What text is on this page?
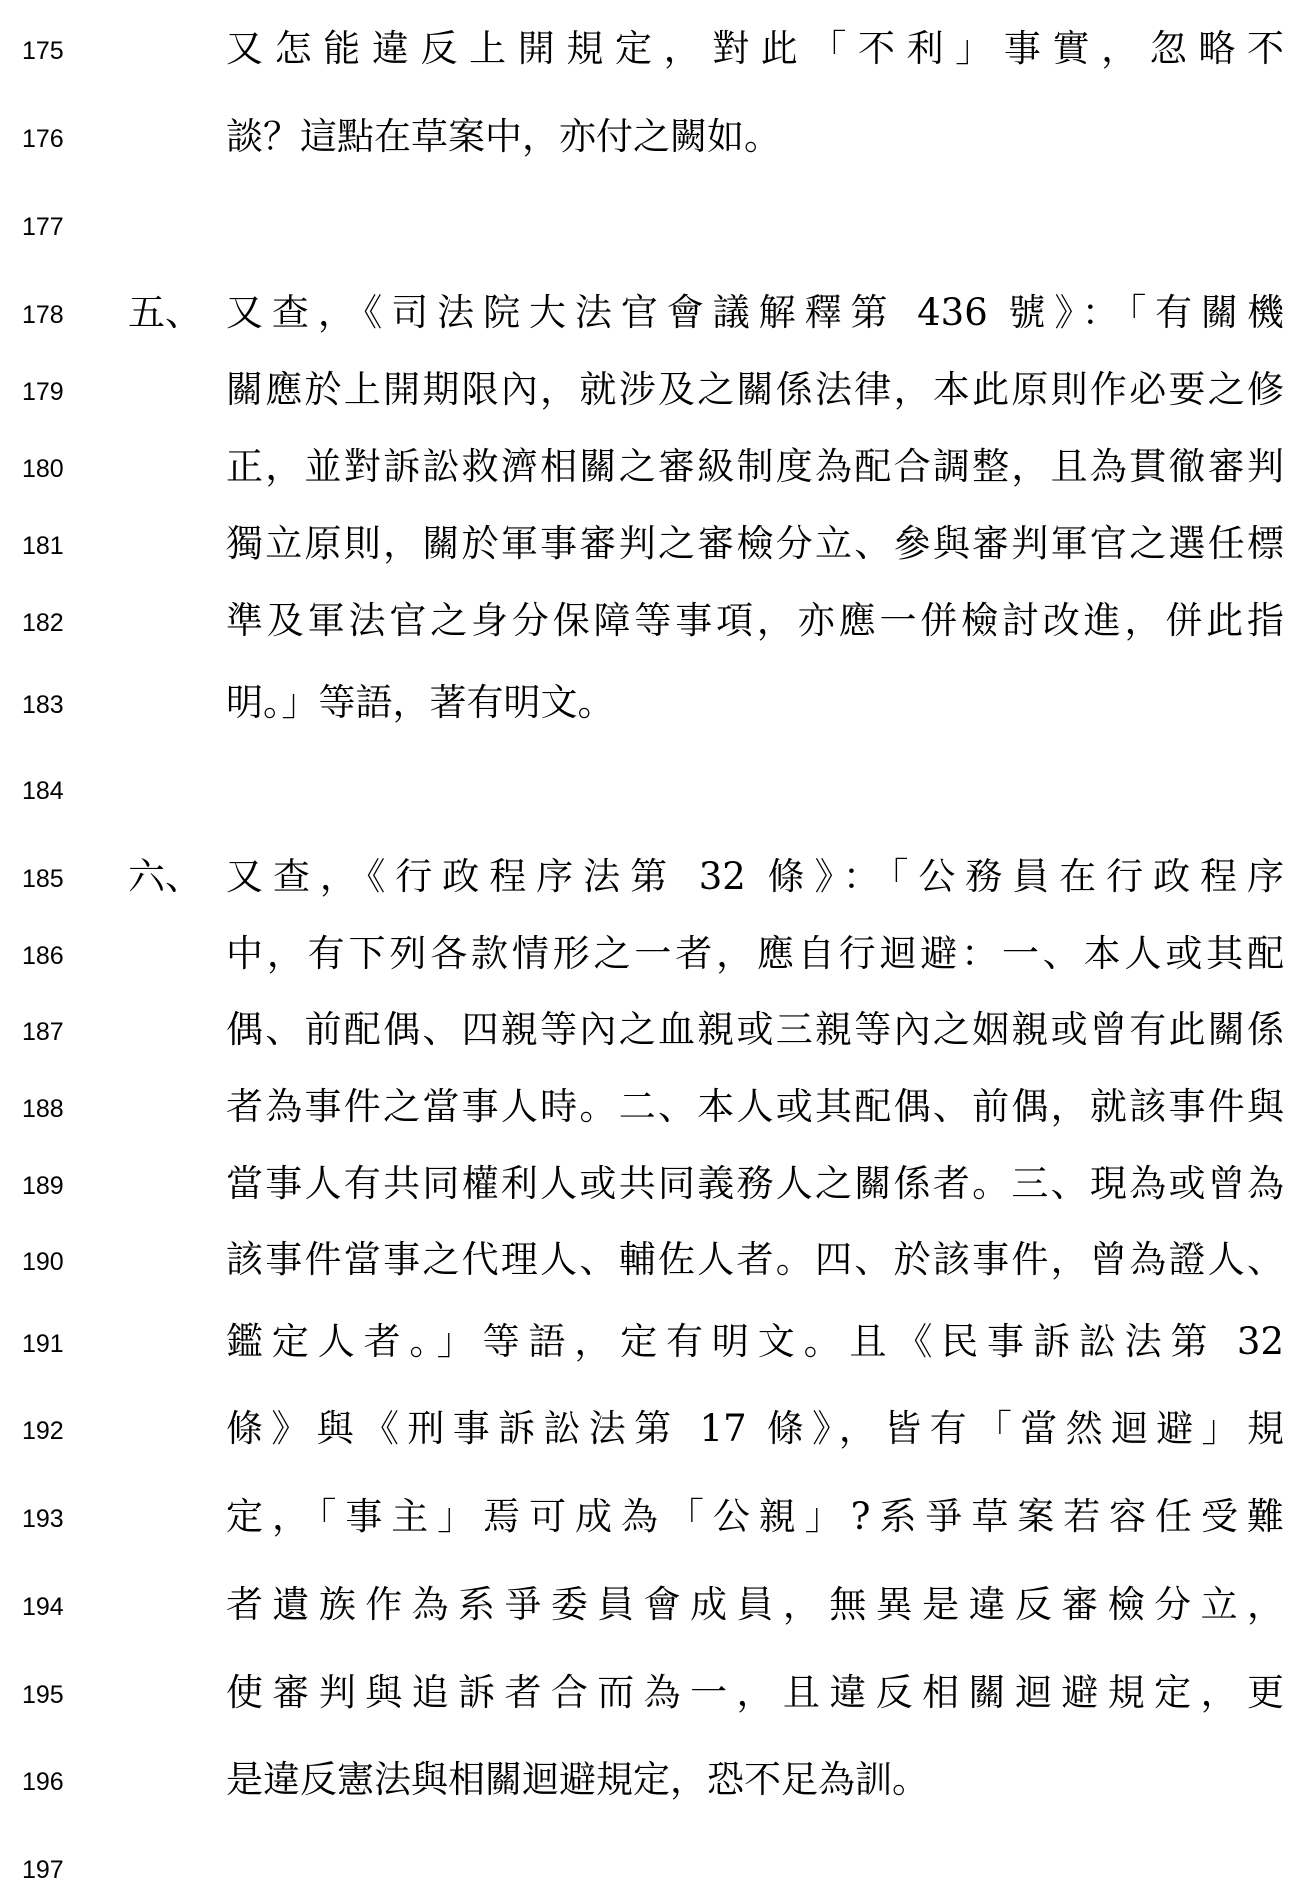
175	又怎能違反上開規定，對此「不利」事實，忽略不
176	談？這點在草案中，亦付之闕如。
177
178 五、 又查，《司法院大法官會議解釋第 436 號》：「有關機
179	關應於上開期限內，就涉及之關係法律，本此原則作必要之修
180	正，並對訴訟救濟相關之審級制度為配合調整，且為貫徹審判
181	獨立原則，關於軍事審判之審檢分立、參與審判軍官之選任標
182	準及軍法官之身分保障等事項，亦應一併檢討改進，併此指
183	明。」等語，著有明文。
184
185 六、 又查，《行政程序法第 32 條》：「公務員在行政程序
186	中，有下列各款情形之一者，應自行迴避：一、本人或其配
187	偶、前配偶、四親等內之血親或三親等內之姻親或曾有此關係
188	者為事件之當事人時。二、本人或其配偶、前偶，就該事件與
189	當事人有共同權利人或共同義務人之關係者。三、現為或曾為
190	該事件當事之代理人、輔佐人者。四、於該事件，曾為證人、
191	鑑定人者。」等語，定有明文。且《民事訴訟法第 32
192	條》與《刑事訴訟法第 17 條》，皆有「當然迴避」規
193	定，「事主」焉可成為「公親」?系爭草案若容任受難
194	者遺族作為系爭委員會成員，無異是違反審檢分立，
195	使審判與追訴者合而為一，且違反相關迴避規定，更
196	是違反憲法與相關迴避規定，恐不足為訓。
197
